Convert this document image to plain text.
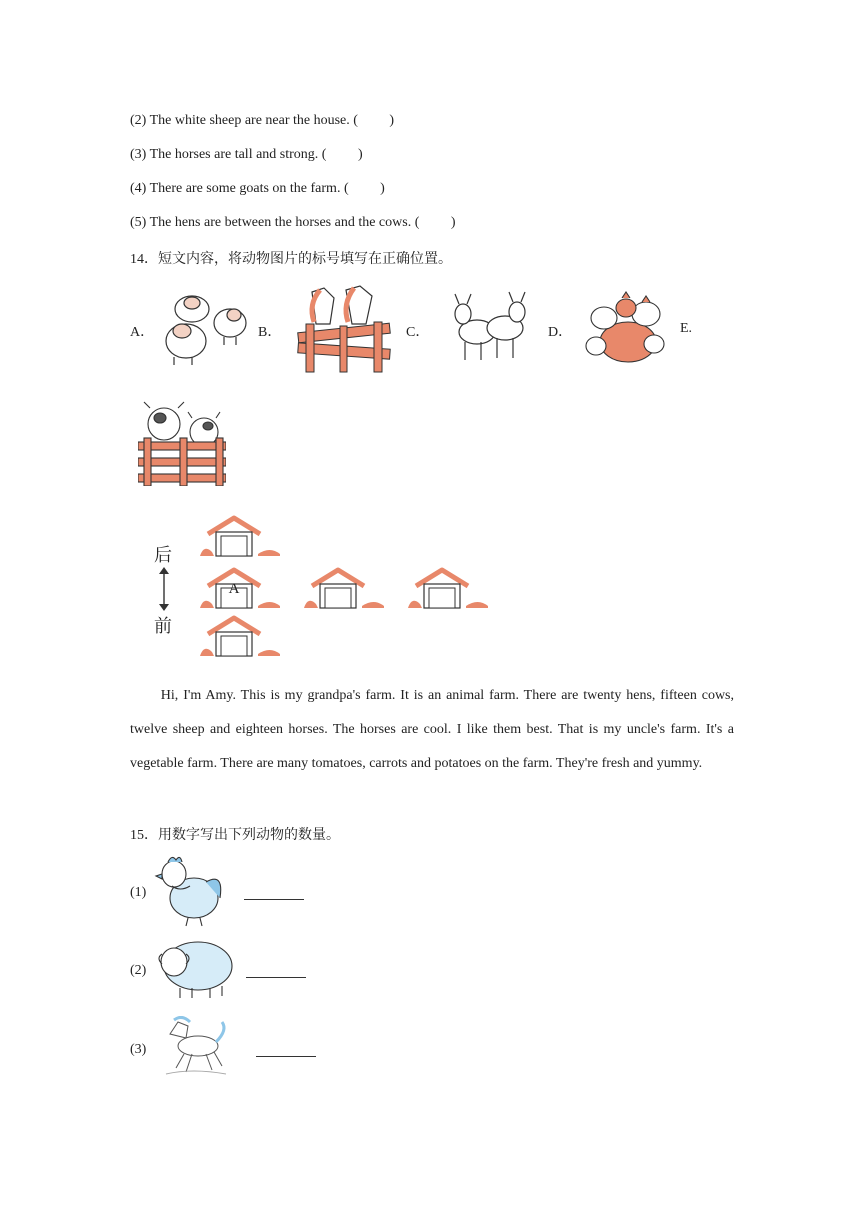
(2) The white sheep are near the house. (         )
(3) The horses are tall and strong. (         )
(4) There are some goats on the farm. (         )
(5) The hens are between the horses and the cows. (         )
14．短文内容，将动物图片的标号填写在正确位置。
A．	B．	C．	D．	E.
后
前
A

Hi, I'm Amy. This is my grandpa's farm. It is an animal farm. There are twenty hens, fifteen cows, twelve sheep and eighteen horses. The horses are cool. I like them best. That is my uncle's farm. It's a vegetable farm. There are many tomatoes, carrots and potatoes on the farm. They're fresh and yummy.

15．用数字写出下列动物的数量。
(1)
(2)
(3)
